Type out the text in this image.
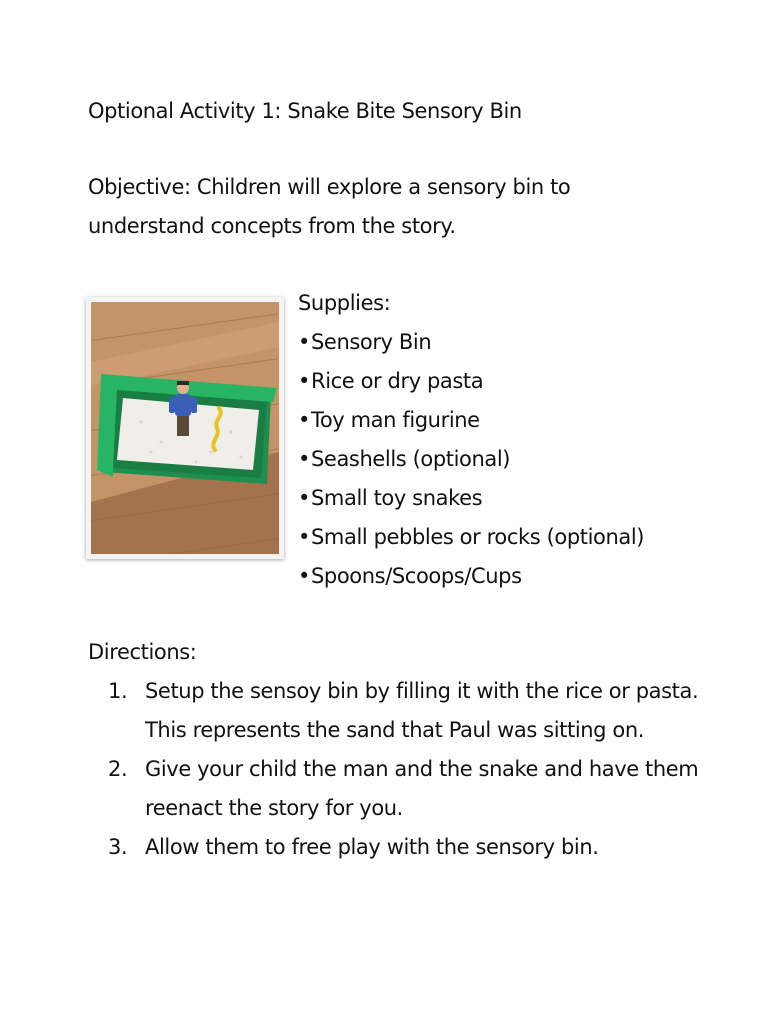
Optional Activity 1: Snake Bite Sensory Bin
Objective: Children will explore a sensory bin to understand concepts from the story.
Supplies:
• Sensory Bin
• Rice or dry pasta
• Toy man figurine
• Seashells (optional)
• Small toy snakes
• Small pebbles or rocks (optional)
• Spoons/Scoops/Cups
Directions:
1. Setup the sensoy bin by filling it with the rice or pasta. This represents the sand that Paul was sitting on.
2. Give your child the man and the snake and have them reenact the story for you.
3. Allow them to free play with the sensory bin.
